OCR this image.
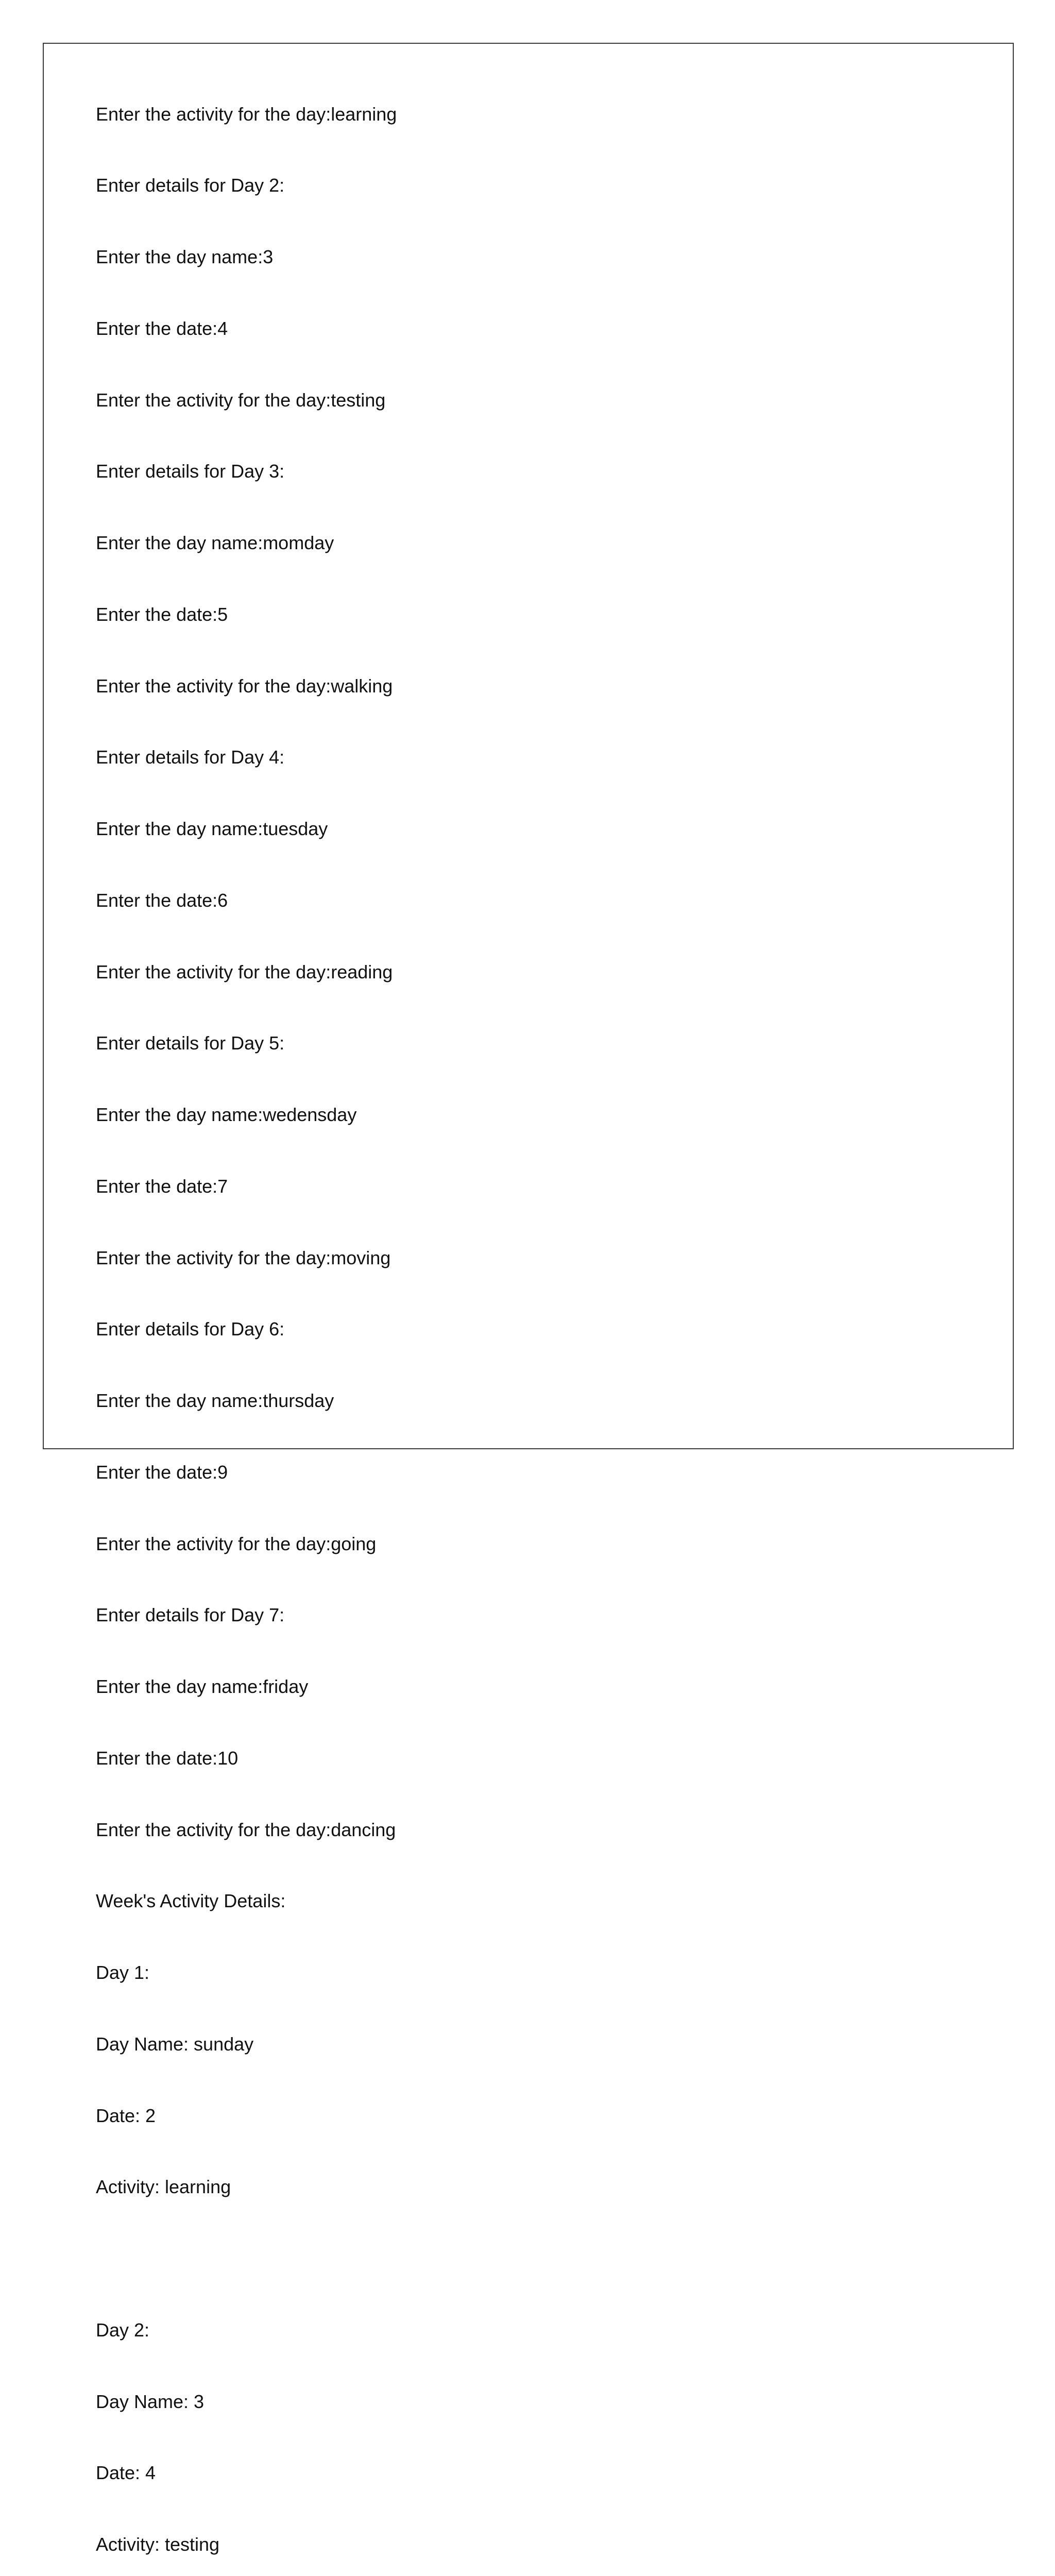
Enter the activity for the day:learning

Enter details for Day 2:

Enter the day name:3

Enter the date:4

Enter the activity for the day:testing

Enter details for Day 3:

Enter the day name:momday

Enter the date:5

Enter the activity for the day:walking

Enter details for Day 4:

Enter the day name:tuesday

Enter the date:6

Enter the activity for the day:reading

Enter details for Day 5:

Enter the day name:wedensday

Enter the date:7

Enter the activity for the day:moving

Enter details for Day 6:

Enter the day name:thursday

Enter the date:9

Enter the activity for the day:going

Enter details for Day 7:

Enter the day name:friday

Enter the date:10

Enter the activity for the day:dancing

Week's Activity Details:

Day 1:

Day Name: sunday

Date: 2

Activity: learning

Day 2:

Day Name: 3

Date: 4

Activity: testing
